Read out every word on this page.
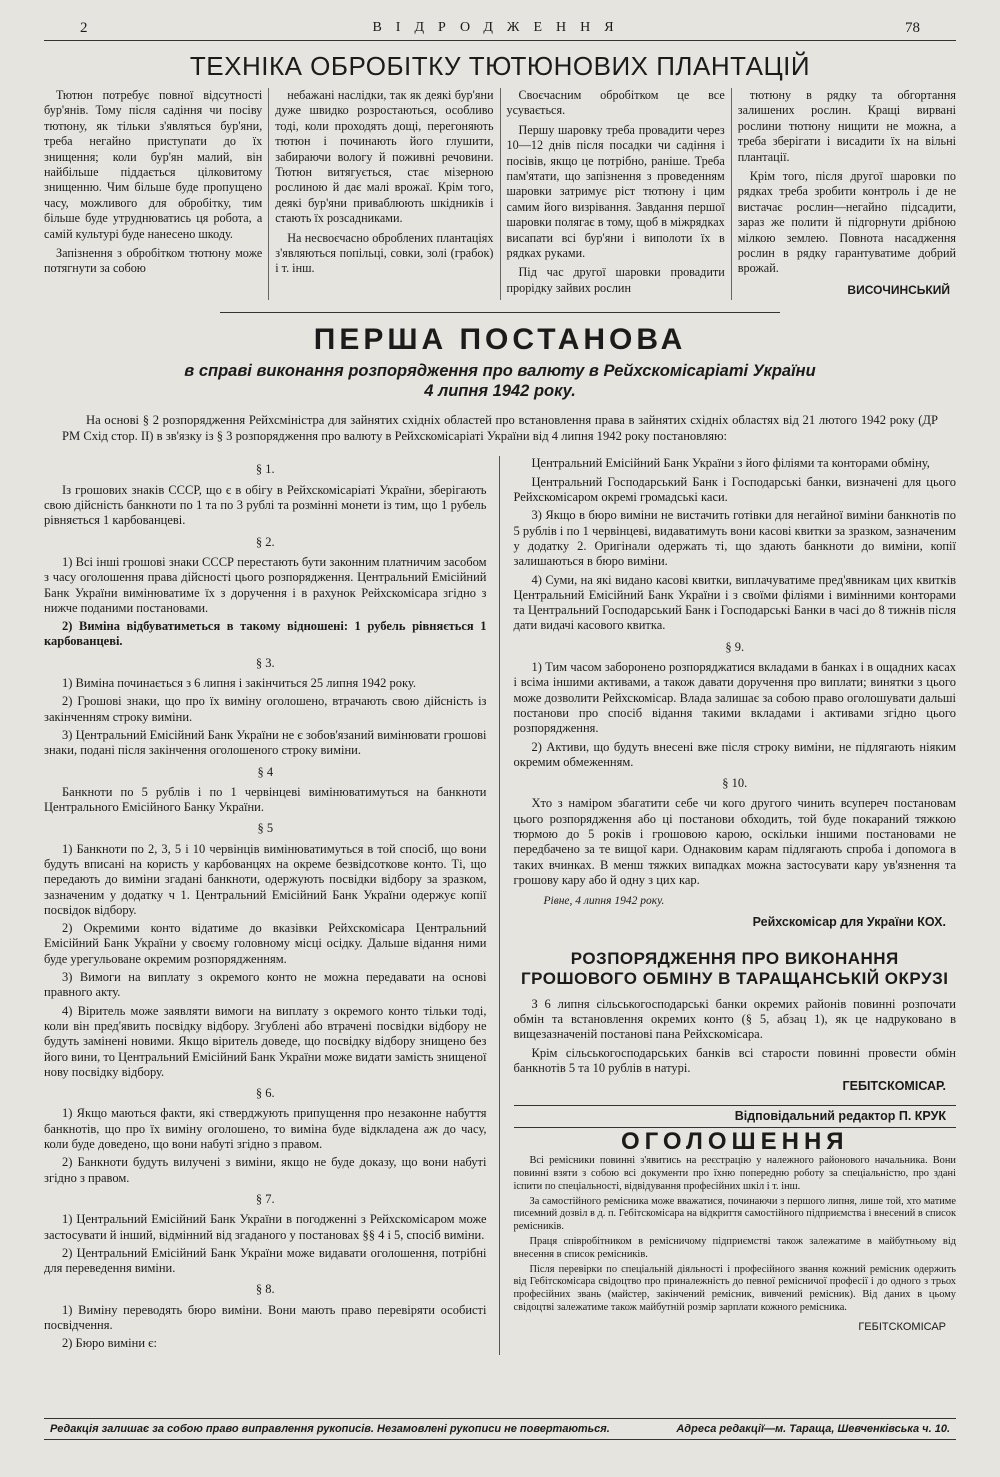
2	ВІДРОДЖЕННЯ	78
ТЕХНІКА ОБРОБІТКУ ТЮТЮНОВИХ ПЛАНТАЦІЙ

Тютюн потребує повної відсутності бур'янів. Тому після садіння чи посіву тютюну, як тільки з'являться бур'яни, треба негайно приступати до їх знищення; коли бур'ян малий, він найбільше піддається цілковитому знищенню. Чим більше буде пропущено часу, можливого для обробітку, тим більше буде утруднюватись ця робота, а самій культурі буде нанесено шкоду.

Запізнення з обробітком тютюну може потягнути за собою

небажані наслідки, так як деякі бур'яни дуже швидко розростаються, особливо тоді, коли проходять дощі, перегоняють тютюн і починають його глушити, забираючи вологу й поживні речовини. Тютюн витягується, стає мізерною рослиною й дає малі врожаї. Крім того, деякі бур'яни приваблюють шкідників і стають їх розсадниками.

На несвоєчасно оброблених плантаціях з'являються попільці, совки, золі (грабок) і т. інш.

Своєчасним обробітком це все усувається.

Першу шаровку треба провадити через 10—12 днів після посадки чи садіння і посівів, якщо це потрібно, раніше. Треба пам'ятати, що запізнення з проведенням шаровки затримує ріст тютюну і цим самим його визрівання. Завдання першої шаровки полягає в тому, щоб в міжрядках висапати всі бур'яни і виполоти їх в рядках руками.

Під час другої шаровки провадити прорідку зайвих рослин

тютюну в рядку та обгортання залишених рослин. Кращі вирвані рослини тютюну нищити не можна, а треба зберігати і висадити їх на вільні плантації.

Крім того, після другої шаровки по рядках треба зробити контроль і де не вистачає рослин—негайно підсадити, зараз же полити й підгорнути дрібною мілкою землею. Повнота насадження рослин в рядку гарантуватиме добрий врожай.

ВИСОЧИНСЬКИЙ
ПЕРША ПОСТАНОВА
в справі виконання розпорядження про валюту в Рейхскомісаріаті України
4 липня 1942 року.
На основі § 2 розпорядження Рейхсміністра для зайнятих східніх областей про встановлення права в зайнятих східніх областях від 21 лютого 1942 року (ДР РМ Схід стор. II) в зв'язку із § 3 розпорядження про валюту в Рейхскомісаріаті України від 4 липня 1942 року постановляю:
§ 1.

Із грошових знаків СССР, що є в обігу в Рейхскомісаріаті України, зберігають свою дійсність банкноти по 1 та по 3 рублі та розмінні монети із тим, що 1 рубель рівняється 1 карбованцеві.

§ 2.

1) Всі інші грошові знаки СССР перестають бути законним платничим засобом з часу оголошення права дійсності цього розпорядження. Центральний Емісійний Банк України вимінюватиме їх з доручення і в рахунок Рейхскомісара згідно з нижче поданими постановами.

2) Виміна відбуватиметься в такому відношені: 1 рубель рівняється 1 карбованцеві.

§ 3.

1) Виміна починається з 6 липня і закінчиться 25 липня 1942 року.

2) Грошові знаки, що про їх виміну оголошено, втрачають свою дійсність із закінченням строку виміни.

3) Центральний Емісійний Банк України не є зобов'язаний вимінювати грошові знаки, подані після закінчення оголошеного строку виміни.

§ 4

Банкноти по 5 рублів і по 1 червінцеві вимінюватимуться на банкноти Центрального Емісійного Банку України.

§ 5

1) Банкноти по 2, 3, 5 і 10 червінців вимінюватимуться в той спосіб, що вони будуть вписані на користь у карбованцях на окреме безвідсоткове конто. Ті, що передають до виміни згадані банкноти, одержують посвідки відбору за зразком, зазначеним у додатку ч 1. Центральний Емісійний Банк України одержує копії посвідок відбору.

2) Окремими конто відатиме до вказівки Рейхскомісара Центральний Емісійний Банк України у своєму головному місці осідку. Дальше відання ними буде урегульоване окремим розпорядженням.

3) Вимоги на виплату з окремого конто не можна передавати на основі правного акту.

4) Віритель може заявляти вимоги на виплату з окремого конто тільки тоді, коли він пред'явить посвідку відбору. Згублені або втрачені посвідки відбору не будуть замінені новими. Якщо віритель доведе, що посвідку відбору знищено без його вини, то Центральний Емісійний Банк України може видати замість знищеної нову посвідку відбору.

§ 6.

1) Якщо маються факти, які стверджують припущення про незаконне набуття банкнотів, що про їх виміну оголошено, то виміна буде відкладена аж до часу, коли буде доведено, що вони набуті згідно з правом.

2) Банкноти будуть вилучені з виміни, якщо не буде доказу, що вони набуті згідно з правом.

§ 7.

1) Центральний Емісійний Банк України в погодженні з Рейхскомісаром може застосувати й інший, відмінний від згаданого у постановах §§ 4 і 5, спосіб виміни.

2) Центральний Емісійний Банк України може видавати оголошення, потрібні для переведення виміни.

§ 8.

1) Виміну переводять бюро виміни. Вони мають право перевіряти особисті посвідчення.

2) Бюро виміни є:

Центральний Емісійний Банк України з його філіями та конторами обміну,

Центральний Господарський Банк і Господарські банки, визначені для цього Рейхскомісаром окремі громадські каси.

3) Якщо в бюро виміни не вистачить готівки для негайної виміни банкнотів по 5 рублів і по 1 червінцеві, видаватимуть вони касові квитки за зразком, зазначеним у додатку 2. Оригінали одержать ті, що здають банкноти до виміни, копії залишаються в бюро виміни.

4) Суми, на які видано касові квитки, виплачуватиме пред'явникам цих квитків Центральний Емісійний Банк України і з своїми філіями і вимінними конторами та Центральний Господарський Банк і Господарські Банки в часі до 8 тижнів після дати видачі касового квитка.

§ 9.

1) Тим часом заборонено розпоряджатися вкладами в банках і в ощадних касах і всіма іншими активами, а також давати доручення про виплати; винятки з цього може дозволити Рейхскомісар. Влада залишає за собою право оголошувати дальші постанови про спосіб відання такими вкладами і активами згідно цього розпорядження.

2) Активи, що будуть внесені вже після строку виміни, не підлягають ніяким окремим обмеженням.

§ 10.

Хто з наміром збагатити себе чи кого другого чинить всупереч постановам цього розпорядження або ці постанови обходить, той буде покараний тяжкою тюрмою до 5 років і грошовою карою, оскільки іншими постановами не передбачено за те вищої кари. Однаковим карам підлягають спроба і допомога в таких вчинках. В менш тяжких випадках можна застосувати кару ув'язнення та грошову кару або й одну з цих кар.

Рівне, 4 липня 1942 року.
Рейхскомісар для України КОХ.
РОЗПОРЯДЖЕННЯ ПРО ВИКОНАННЯ
ГРОШОВОГО ОБМІНУ В ТАРАЩАНСЬКІЙ ОКРУЗІ

З 6 липня сільськогосподарські банки окремих районів повинні розпочати обмін та встановлення окремих конто (§ 5, абзац 1), як це надруковано в вищезазначеній постанові пана Рейхскомісара.

Крім сільськогосподарських банків всі старости повинні провести обмін банкнотів 5 та 10 рублів в натурі.

ГЕБІТСКОМІСАР.
Відповідальний редактор П. КРУК
ОГОЛОШЕННЯ

Всі ремісники повинні з'явитись на реєстрацію у належного районового начальника. Вони повинні взяти з собою всі документи про їхню попередню роботу за спеціальністю, про здані іспити по спеціальності, відвідування професійних шкіл і т. інш.

За самостійного ремісника може вважатися, починаючи з першого липня, лише той, хто матиме писемний дозвіл в д. п. Гебітскомісара на відкриття самостійного підприємства і внесений в список ремісників.

Праця співробітником в ремісничому підприємстві також залежатиме в майбутньому від внесення в список ремісників.

Після перевірки по спеціальній діяльності і професійного звання кожний ремісник одержить від Гебітскомісара свідоцтво про приналежність до певної ремісничої професії і до одного з трьох професійних звань (майстер, закінчений ремісник, вивчений ремісник). Від даних в цьому свідоцтві залежатиме також майбутній розмір зарплати кожного ремісника.

ГЕБІТСКОМІСАР
Редакція залишає за собою право виправлення рукописів. Незамовлені рукописи не повертаються.	Адреса редакції—м. Тараща, Шевченківська ч. 10.
